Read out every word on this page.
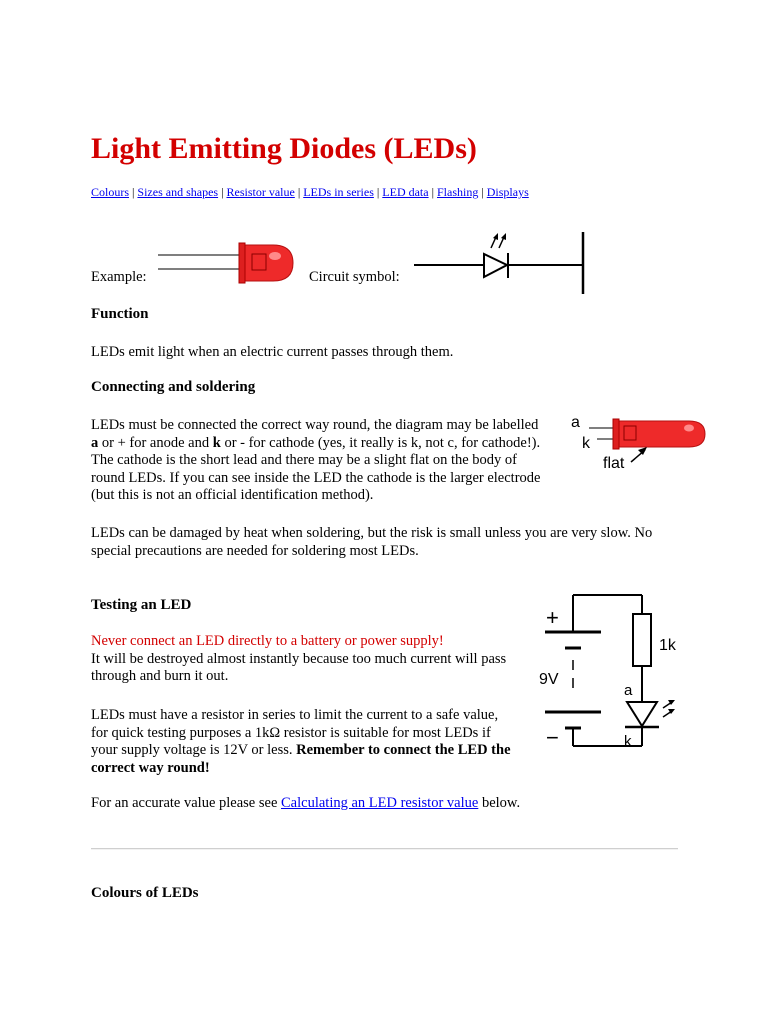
Light Emitting Diodes (LEDs)
Colours | Sizes and shapes | Resistor value | LEDs in series | LED data | Flashing | Displays
Example:	Circuit symbol:
Function
LEDs emit light when an electric current passes through them.
Connecting and soldering
LEDs must be connected the correct way round, the diagram may be labelled
a or + for anode and k or - for cathode (yes, it really is k, not c, for cathode!).
The cathode is the short lead and there may be a slight flat on the body of
round LEDs. If you can see inside the LED the cathode is the larger electrode
(but this is not an official identification method).
a
k
flat
LEDs can be damaged by heat when soldering, but the risk is small unless you are very slow. No
special precautions are needed for soldering most LEDs.
Testing an LED
Never connect an LED directly to a battery or power supply!
It will be destroyed almost instantly because too much current will pass
through and burn it out.
LEDs must have a resistor in series to limit the current to a safe value,
for quick testing purposes a 1kΩ resistor is suitable for most LEDs if
your supply voltage is 12V or less. Remember to connect the LED the
correct way round!
+
−
9V
1k
a
k
For an accurate value please see Calculating an LED resistor value below.
Colours of LEDs
